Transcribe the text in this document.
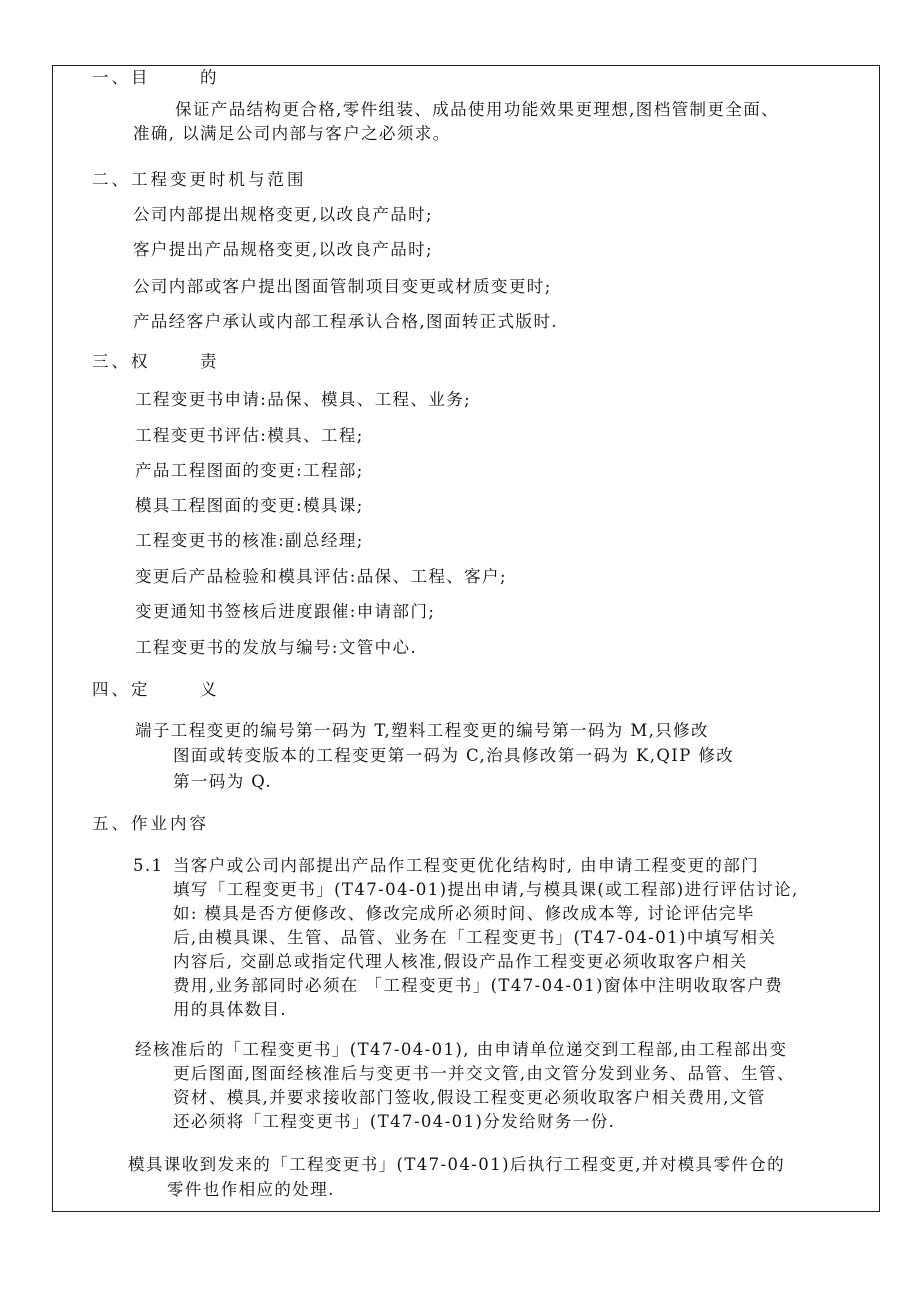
一、目      的
保证产品结构更合格,零件组装、成品使用功能效果更理想,图档管制更全面、
准确, 以满足公司内部与客户之必须求。
二、工程变更时机与范围
公司内部提出规格变更,以改良产品时;
客户提出产品规格变更,以改良产品时;
公司内部或客户提出图面管制项目变更或材质变更时;
产品经客户承认或内部工程承认合格,图面转正式版时.
三、权      责
工程变更书申请:品保、模具、工程、业务;
工程变更书评估:模具、工程;
产品工程图面的变更:工程部;
模具工程图面的变更:模具课;
工程变更书的核准:副总经理;
变更后产品检验和模具评估:品保、工程、客户;
变更通知书签核后进度跟催:申请部门;
工程变更书的发放与编号:文管中心.
四、定      义
端子工程变更的编号第一码为 T,塑料工程变更的编号第一码为 M,只修改
图面或转变版本的工程变更第一码为 C,治具修改第一码为 K,QIP 修改
第一码为 Q.
五、作业内容
5.1 当客户或公司内部提出产品作工程变更优化结构时, 由申请工程变更的部门
填写「工程变更书」(T47-04-01)提出申请,与模具课(或工程部)进行评估讨论,
如: 模具是否方便修改、修改完成所必须时间、修改成本等, 讨论评估完毕
后,由模具课、生管、品管、业务在「工程变更书」(T47-04-01)中填写相关
内容后, 交副总或指定代理人核准,假设产品作工程变更必须收取客户相关
费用,业务部同时必须在 「工程变更书」(T47-04-01)窗体中注明收取客户费
用的具体数目.
经核准后的「工程变更书」(T47-04-01), 由申请单位递交到工程部,由工程部出变
更后图面,图面经核准后与变更书一并交文管,由文管分发到业务、品管、生管、
资材、模具,并要求接收部门签收,假设工程变更必须收取客户相关费用,文管
还必须将「工程变更书」(T47-04-01)分发给财务一份.
模具课收到发来的「工程变更书」(T47-04-01)后执行工程变更,并对模具零件仓的
零件也作相应的处理.
